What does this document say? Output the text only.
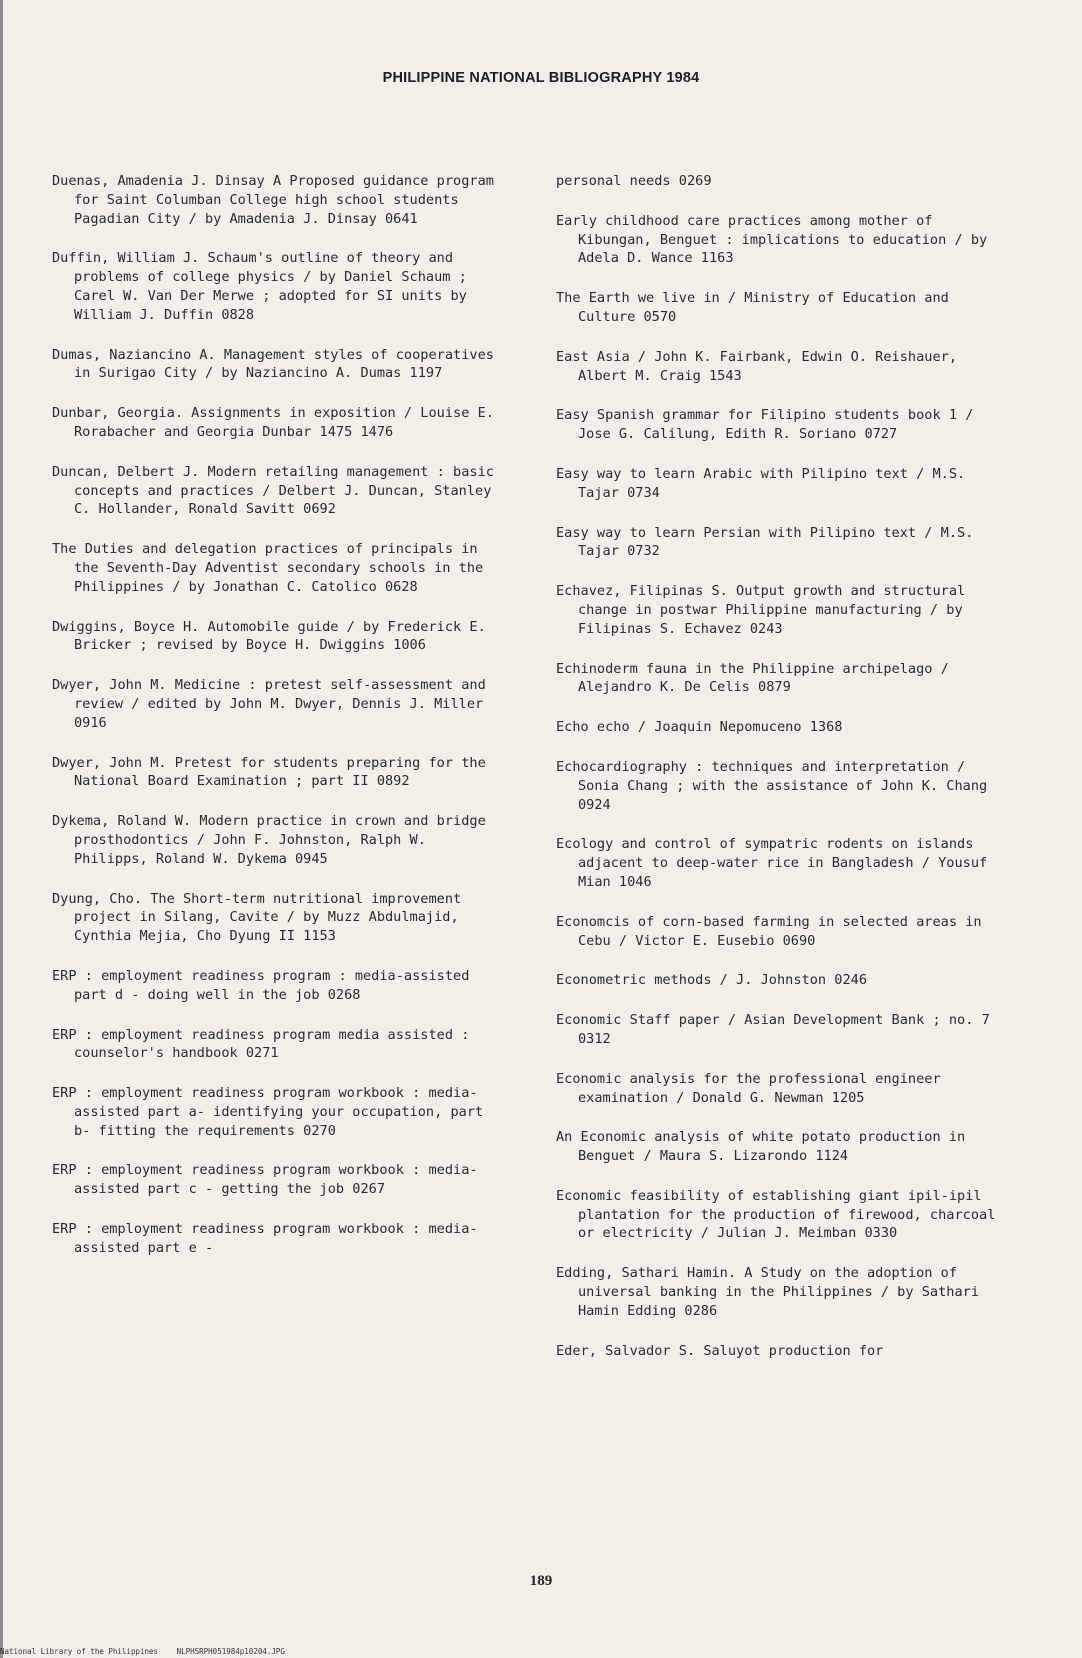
PHILIPPINE NATIONAL BIBLIOGRAPHY 1984

Duenas, Amadenia J. Dinsay A Proposed guidance program for Saint Columban College high school students Pagadian City / by Amadenia J. Dinsay 0641

Duffin, William J. Schaum's outline of theory and problems of college physics / by Daniel Schaum ; Carel W. Van Der Merwe ; adopted for SI units by William J. Duffin 0828

Dumas, Naziancino A. Management styles of cooperatives in Surigao City / by Naziancino A. Dumas 1197

Dunbar, Georgia. Assignments in exposition / Louise E. Rorabacher and Georgia Dunbar 1475 1476

Duncan, Delbert J. Modern retailing management : basic concepts and practices / Delbert J. Duncan, Stanley C. Hollander, Ronald Savitt 0692

The Duties and delegation practices of principals in the Seventh-Day Adventist secondary schools in the Philippines / by Jonathan C. Catolico 0628

Dwiggins, Boyce H. Automobile guide / by Frederick E. Bricker ; revised by Boyce H. Dwiggins 1006

Dwyer, John M. Medicine : pretest self-assessment and review / edited by John M. Dwyer, Dennis J. Miller 0916

Dwyer, John M. Pretest for students preparing for the National Board Examination ; part II 0892

Dykema, Roland W. Modern practice in crown and bridge prosthodontics / John F. Johnston, Ralph W. Philipps, Roland W. Dykema 0945

Dyung, Cho. The Short-term nutritional improvement project in Silang, Cavite / by Muzz Abdulmajid, Cynthia Mejia, Cho Dyung II 1153

ERP : employment readiness program : media-assisted part d - doing well in the job 0268

ERP : employment readiness program media assisted : counselor's handbook 0271

ERP : employment readiness program workbook : media-assisted part a- identifying your occupation, part b- fitting the requirements 0270

ERP : employment readiness program workbook : media-assisted part c - getting the job 0267

ERP : employment readiness program workbook : media-assisted part e -

personal needs 0269

Early childhood care practices among mother of Kibungan, Benguet : implications to education / by Adela D. Wance 1163

The Earth we live in / Ministry of Education and Culture 0570

East Asia / John K. Fairbank, Edwin O. Reishauer, Albert M. Craig 1543

Easy Spanish grammar for Filipino students book 1 / Jose G. Calilung, Edith R. Soriano 0727

Easy way to learn Arabic with Pilipino text / M.S. Tajar 0734

Easy way to learn Persian with Pilipino text / M.S. Tajar 0732

Echavez, Filipinas S. Output growth and structural change in postwar Philippine manufacturing / by Filipinas S. Echavez 0243

Echinoderm fauna in the Philippine archipelago / Alejandro K. De Celis 0879

Echo echo / Joaquin Nepomuceno 1368

Echocardiography : techniques and interpretation / Sonia Chang ; with the assistance of John K. Chang 0924

Ecology and control of sympatric rodents on islands adjacent to deep-water rice in Bangladesh / Yousuf Mian 1046

Economcis of corn-based farming in selected areas in Cebu / Victor E. Eusebio 0690

Econometric methods / J. Johnston 0246

Economic Staff paper / Asian Development Bank ; no. 7 0312

Economic analysis for the professional engineer examination / Donald G. Newman 1205

An Economic analysis of white potato production in Benguet / Maura S. Lizarondo 1124

Economic feasibility of establishing giant ipil-ipil plantation for the production of firewood, charcoal or electricity / Julian J. Meimban 0330

Edding, Sathari Hamin. A Study on the adoption of universal banking in the Philippines / by Sathari Hamin Edding 0286

Eder, Salvador S. Saluyot production for

189
National Library of the Philippines NLPHSRPH051984p10204.JPG
